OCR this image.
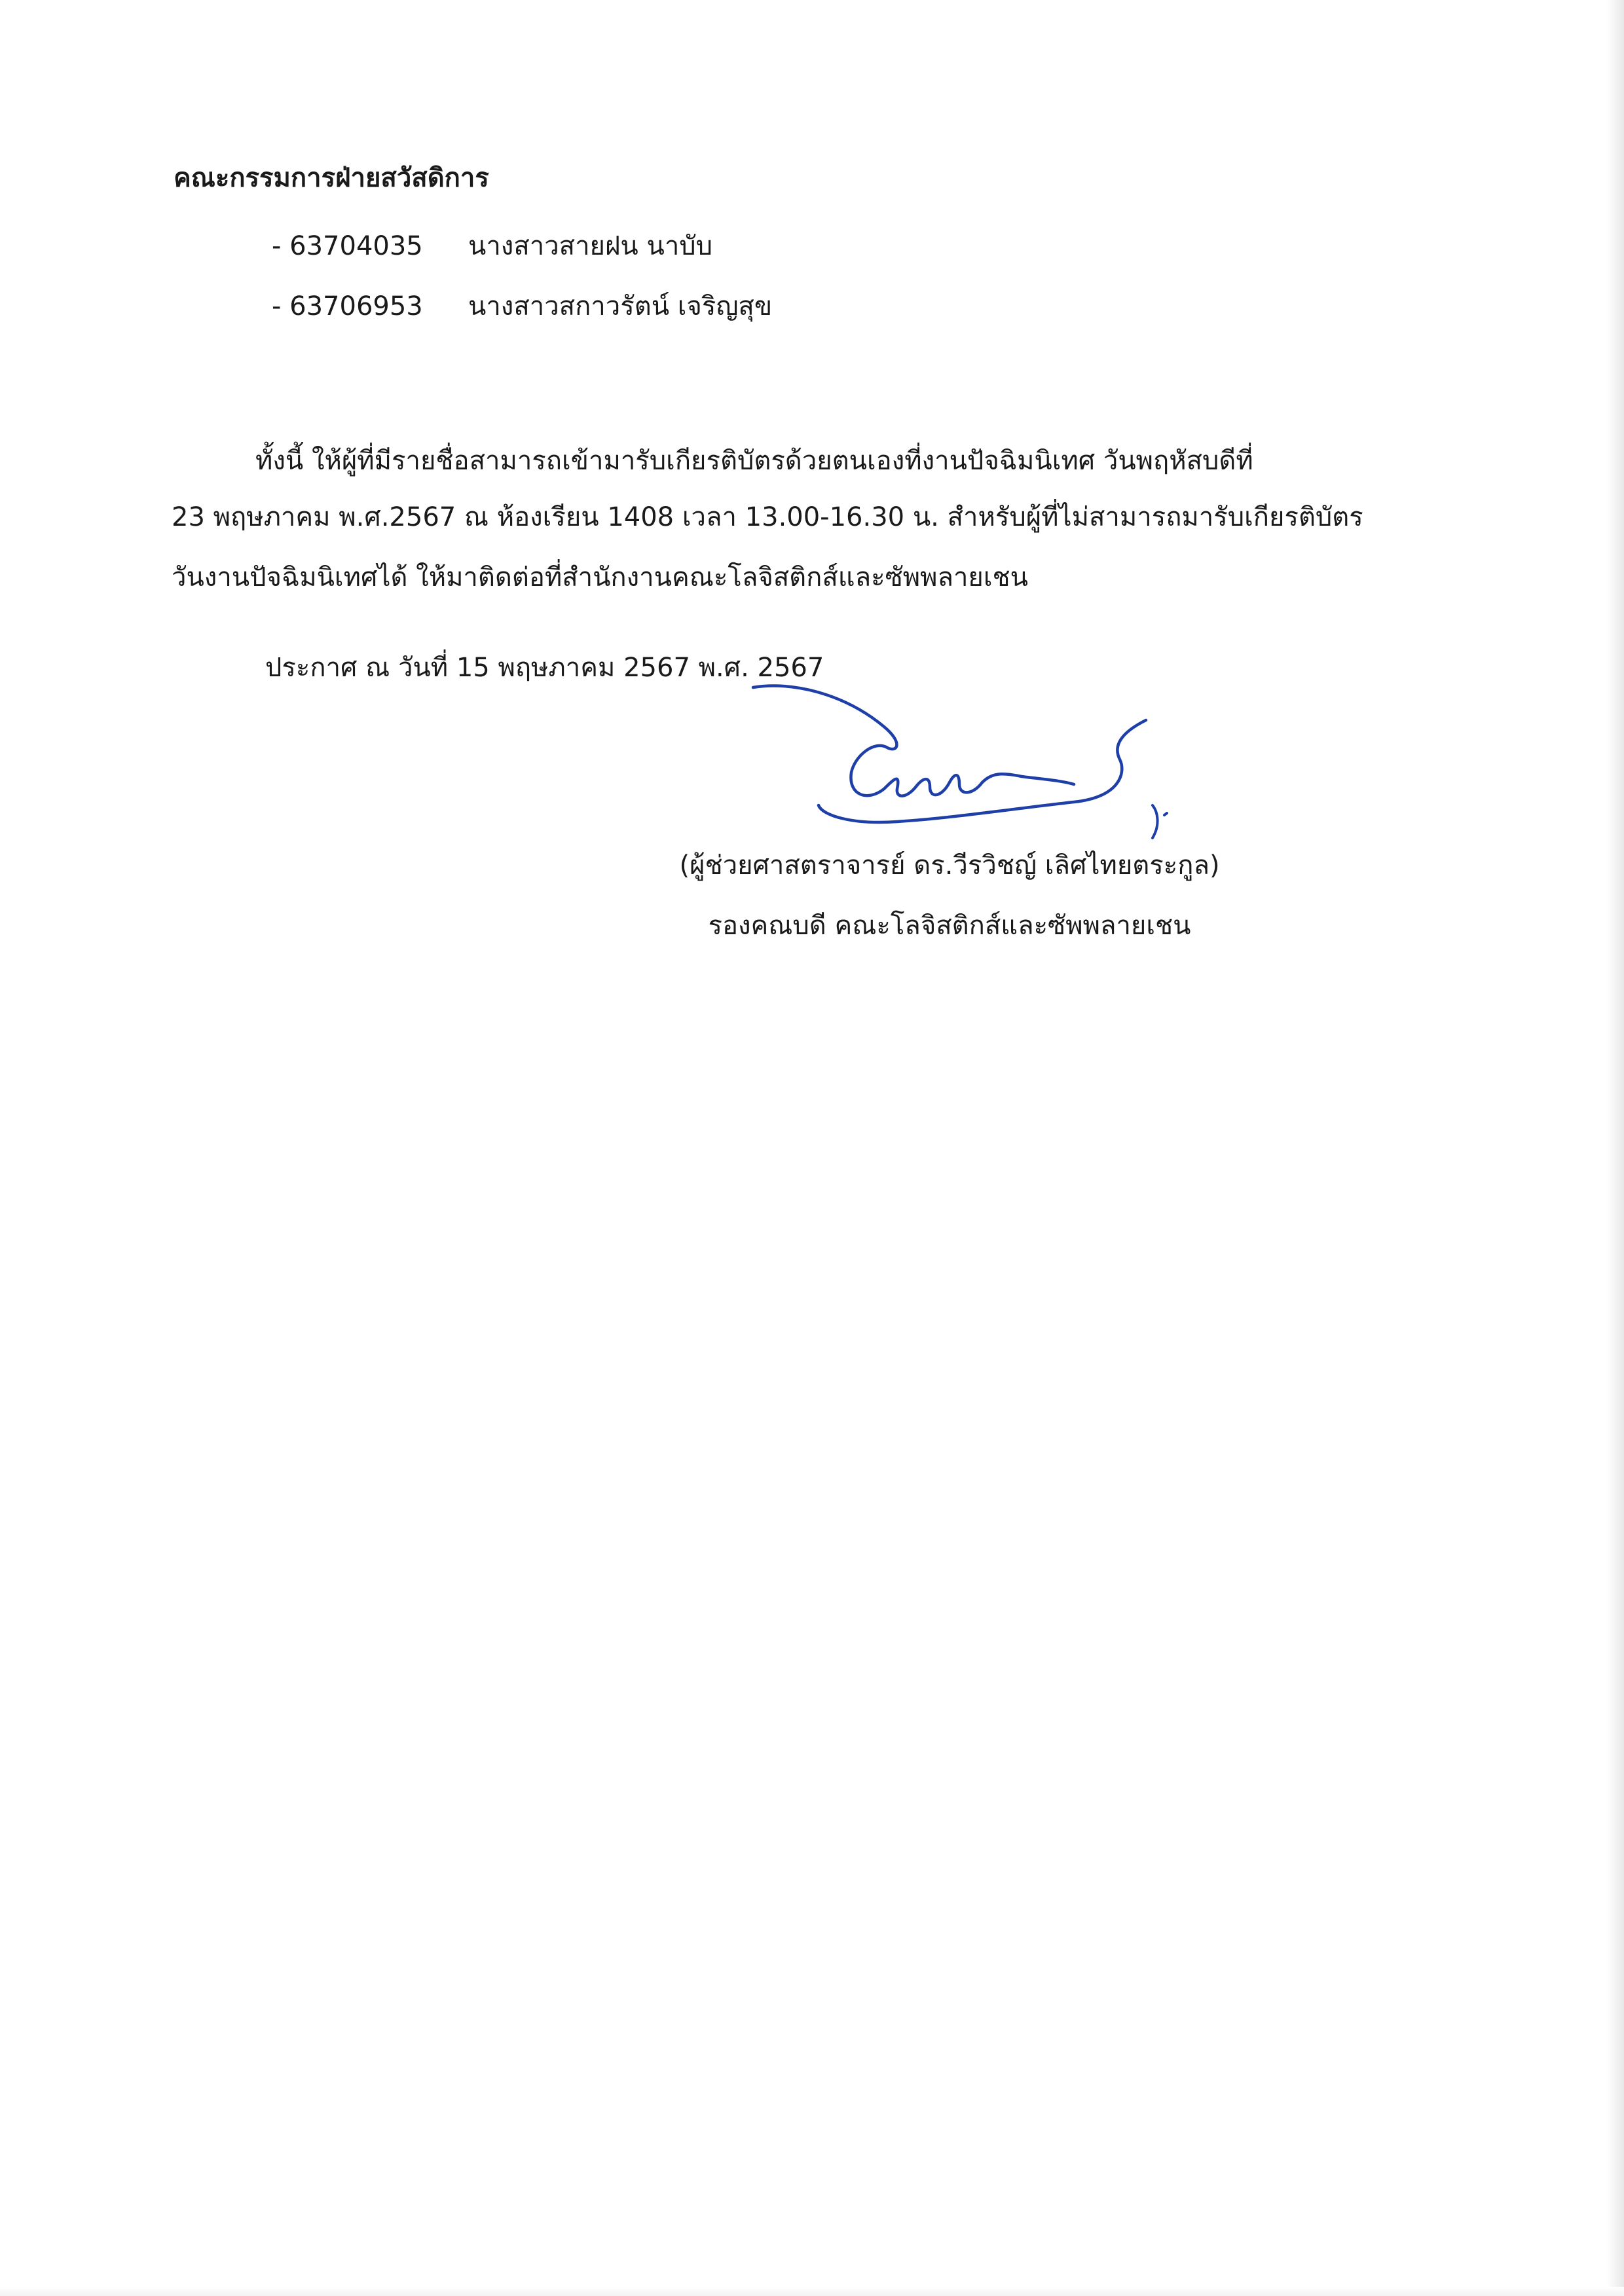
คณะกรรมการฝ่ายสวัสดิการ
- 63704035 นางสาวสายฝน นาบับ
- 63706953 นางสาวสกาวรัตน์ เจริญสุข
ทั้งนี้ ให้ผู้ที่มีรายชื่อสามารถเข้ามารับเกียรติบัตรด้วยตนเองที่งานปัจฉิมนิเทศ วันพฤหัสบดีที่
23 พฤษภาคม พ.ศ.2567 ณ ห้องเรียน 1408 เวลา 13.00-16.30 น. สำหรับผู้ที่ไม่สามารถมารับเกียรติบัตร
วันงานปัจฉิมนิเทศได้ ให้มาติดต่อที่สำนักงานคณะโลจิสติกส์และซัพพลายเชน
ประกาศ ณ วันที่ 15 พฤษภาคม 2567 พ.ศ. 2567
(ผู้ช่วยศาสตราจารย์ ดร.วีรวิชญ์ เลิศไทยตระกูล)
รองคณบดี คณะโลจิสติกส์และซัพพลายเชน
